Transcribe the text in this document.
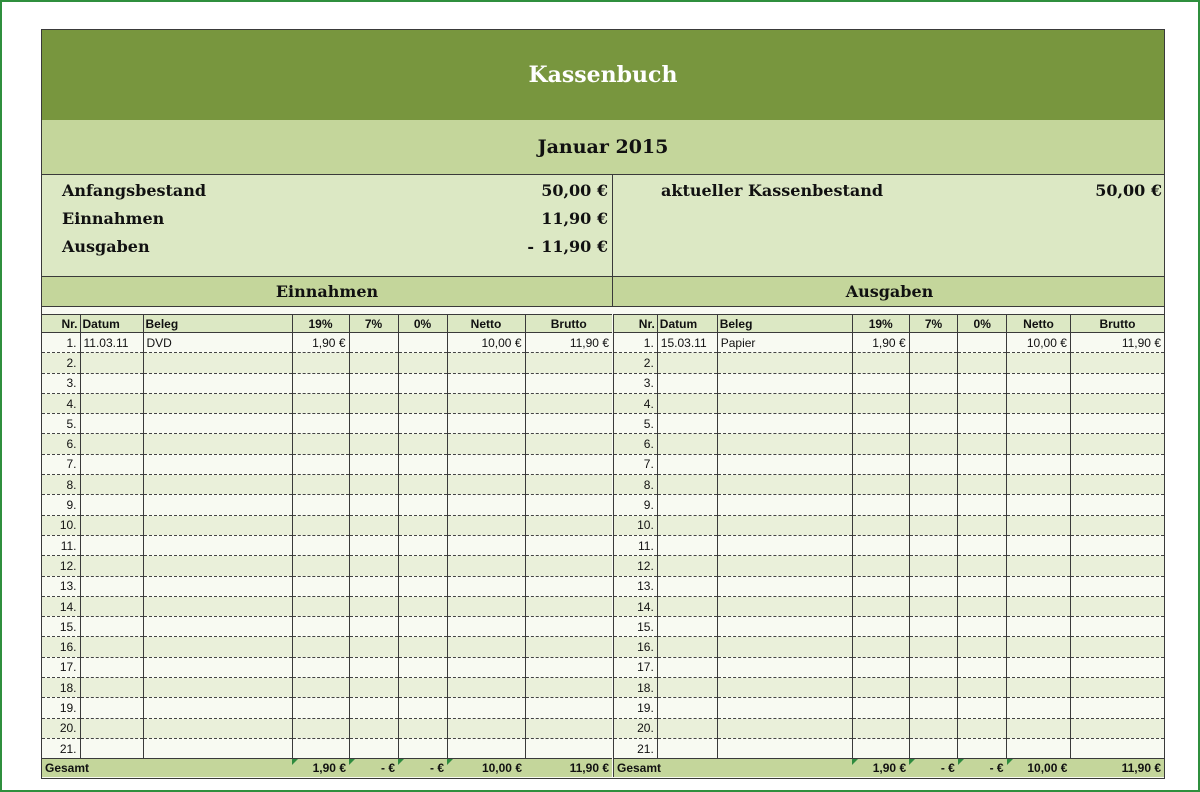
Kassenbuch
Januar 2015
Anfangsbestand	50,00 €
Einnahmen	11,90 €
Ausgaben	- 11,90 €
aktueller Kassenbestand	50,00 €
Einnahmen	Ausgaben
Nr.	Datum	Beleg	19%	7%	0%	Netto	Brutto
1.	11.03.11	DVD	1,90 €			10,00 €	11,90 €
2.							
3.							
4.							
5.							
6.							
7.							
8.							
9.							
10.							
11.							
12.							
13.							
14.							
15.							
16.							
17.							
18.							
19.							
20.							
21.							
Gesamt			1,90 €	- €	- €	10,00 €	11,90 €
Nr.	Datum	Beleg	19%	7%	0%	Netto	Brutto
1.	15.03.11	Papier	1,90 €			10,00 €	11,90 €
2.							
3.							
4.							
5.							
6.							
7.							
8.							
9.							
10.							
11.							
12.							
13.							
14.							
15.							
16.							
17.							
18.							
19.							
20.							
21.							
Gesamt			1,90 €	- €	- €	10,00 €	11,90 €
